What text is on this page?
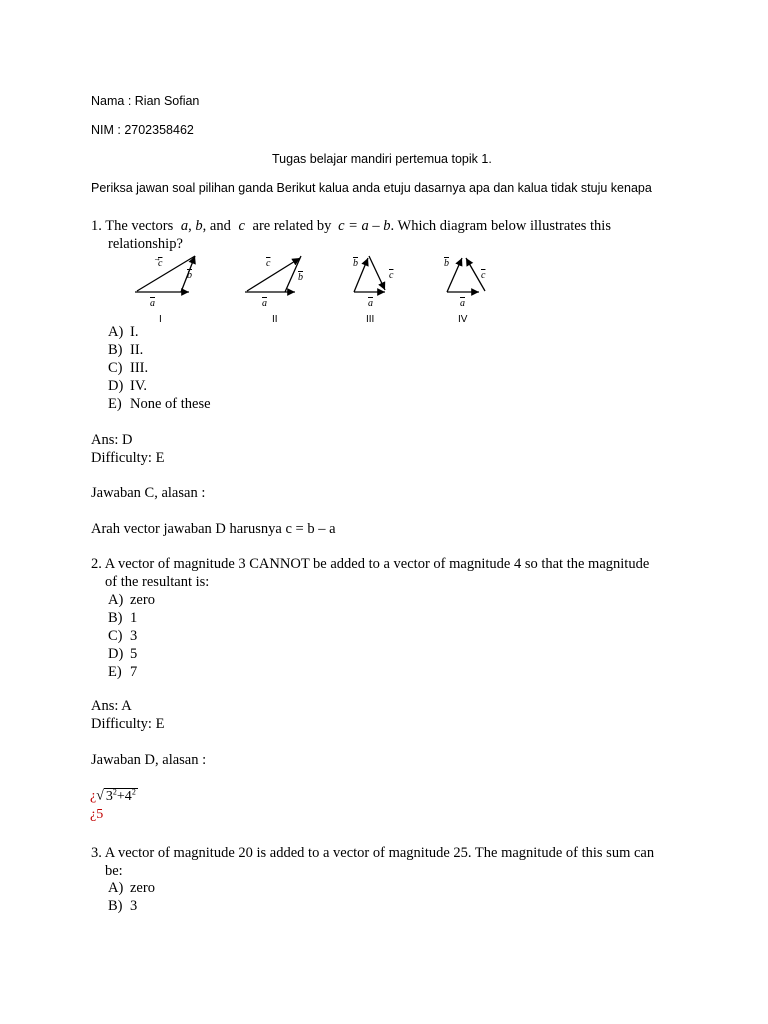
Nama : Rian Sofian
NIM : 2702358462
Tugas belajar mandiri pertemua topik 1.
Periksa jawan soal pilihan ganda Berikut kalua anda etuju dasarnya apa dan kalua tidak stuju kenapa
1. The vectors a, b, and c are related by c = a – b. Which diagram below illustrates this
relationship?
c
$\overline{b}$
$\overline{a}$
$\overline{c}$
$\overline{b}$
$\overline{a}$
$\overline{b}$
$\overline{c}$
$\overline{a}$
$\overline{b}$
$\overline{c}$
$\overline{a}$
I	II	III	IV
A) I.
B) II.
C) III.
D) IV.
E) None of these
Ans: D
Difficulty: E
Jawaban C, alasan :
Arah vector jawaban D harusnya c = b – a
2. A vector of magnitude 3 CANNOT be added to a vector of magnitude 4 so that the magnitude
of the resultant is:
A) zero
B) 1
C) 3
D) 5
E) 7
Ans: A
Difficulty: E
Jawaban D, alasan :
¿√ $3^2+4^2$
¿5
3. A vector of magnitude 20 is added to a vector of magnitude 25. The magnitude of this sum can
be:
A) zero
B) 3
